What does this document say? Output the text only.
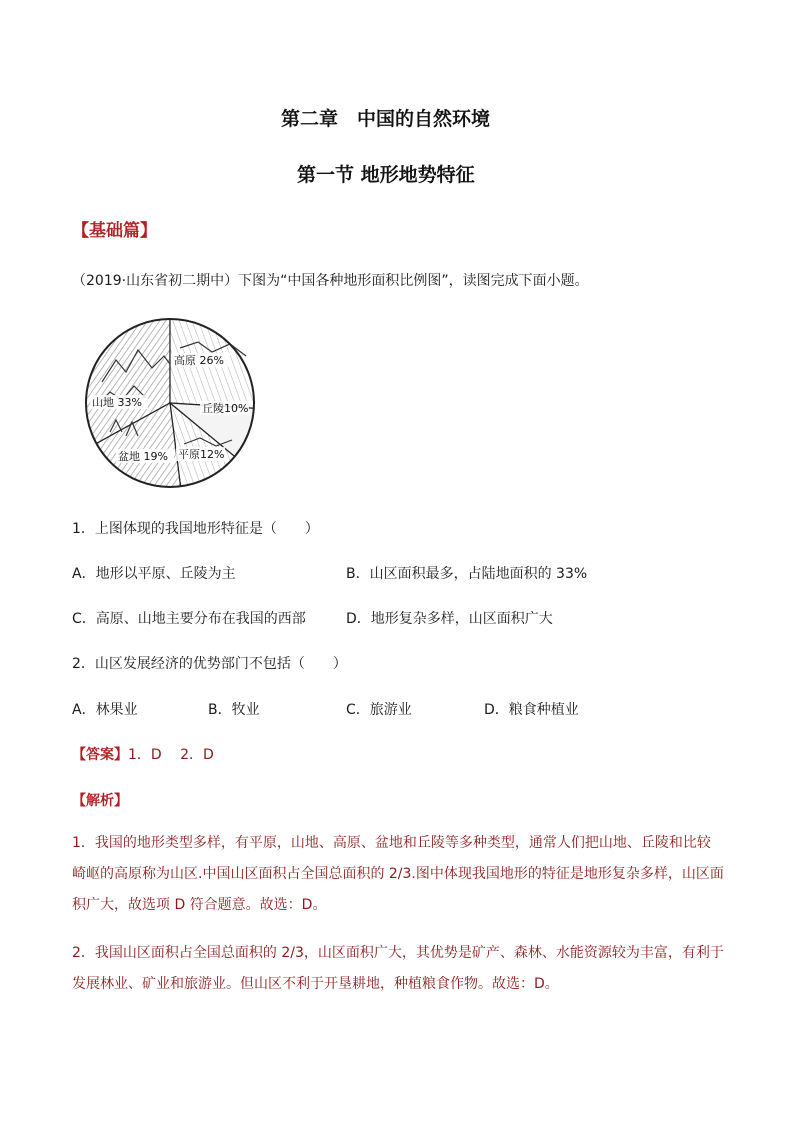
第二章　中国的自然环境
第一节 地形地势特征
【基础篇】
（2019·山东省初二期中）下图为“中国各种地形面积比例图”，读图完成下面小题。
山地 33%
高原 26%
丘陵10%
平原12%
盆地 19%
1．上图体现的我国地形特征是（　　）
A．地形以平原、丘陵为主	B．山区面积最多，占陆地面积的 33%
C．高原、山地主要分布在我国的西部	D．地形复杂多样，山区面积广大
2．山区发展经济的优势部门不包括（　　）
A．林果业	B．牧业	C．旅游业	D．粮食种植业
【答案】1．D　 2．D
【解析】
1．我国的地形类型多样，有平原，山地、高原、盆地和丘陵等多种类型，通常人们把山地、丘陵和比较崎岖的高原称为山区.中国山区面积占全国总面积的 2/3.图中体现我国地形的特征是地形复杂多样，山区面积广大，故选项 D 符合题意。故选：D。
2．我国山区面积占全国总面积的 2/3，山区面积广大，其优势是矿产、森林、水能资源较为丰富，有利于发展林业、矿业和旅游业。但山区不利于开垦耕地，种植粮食作物。故选：D。
